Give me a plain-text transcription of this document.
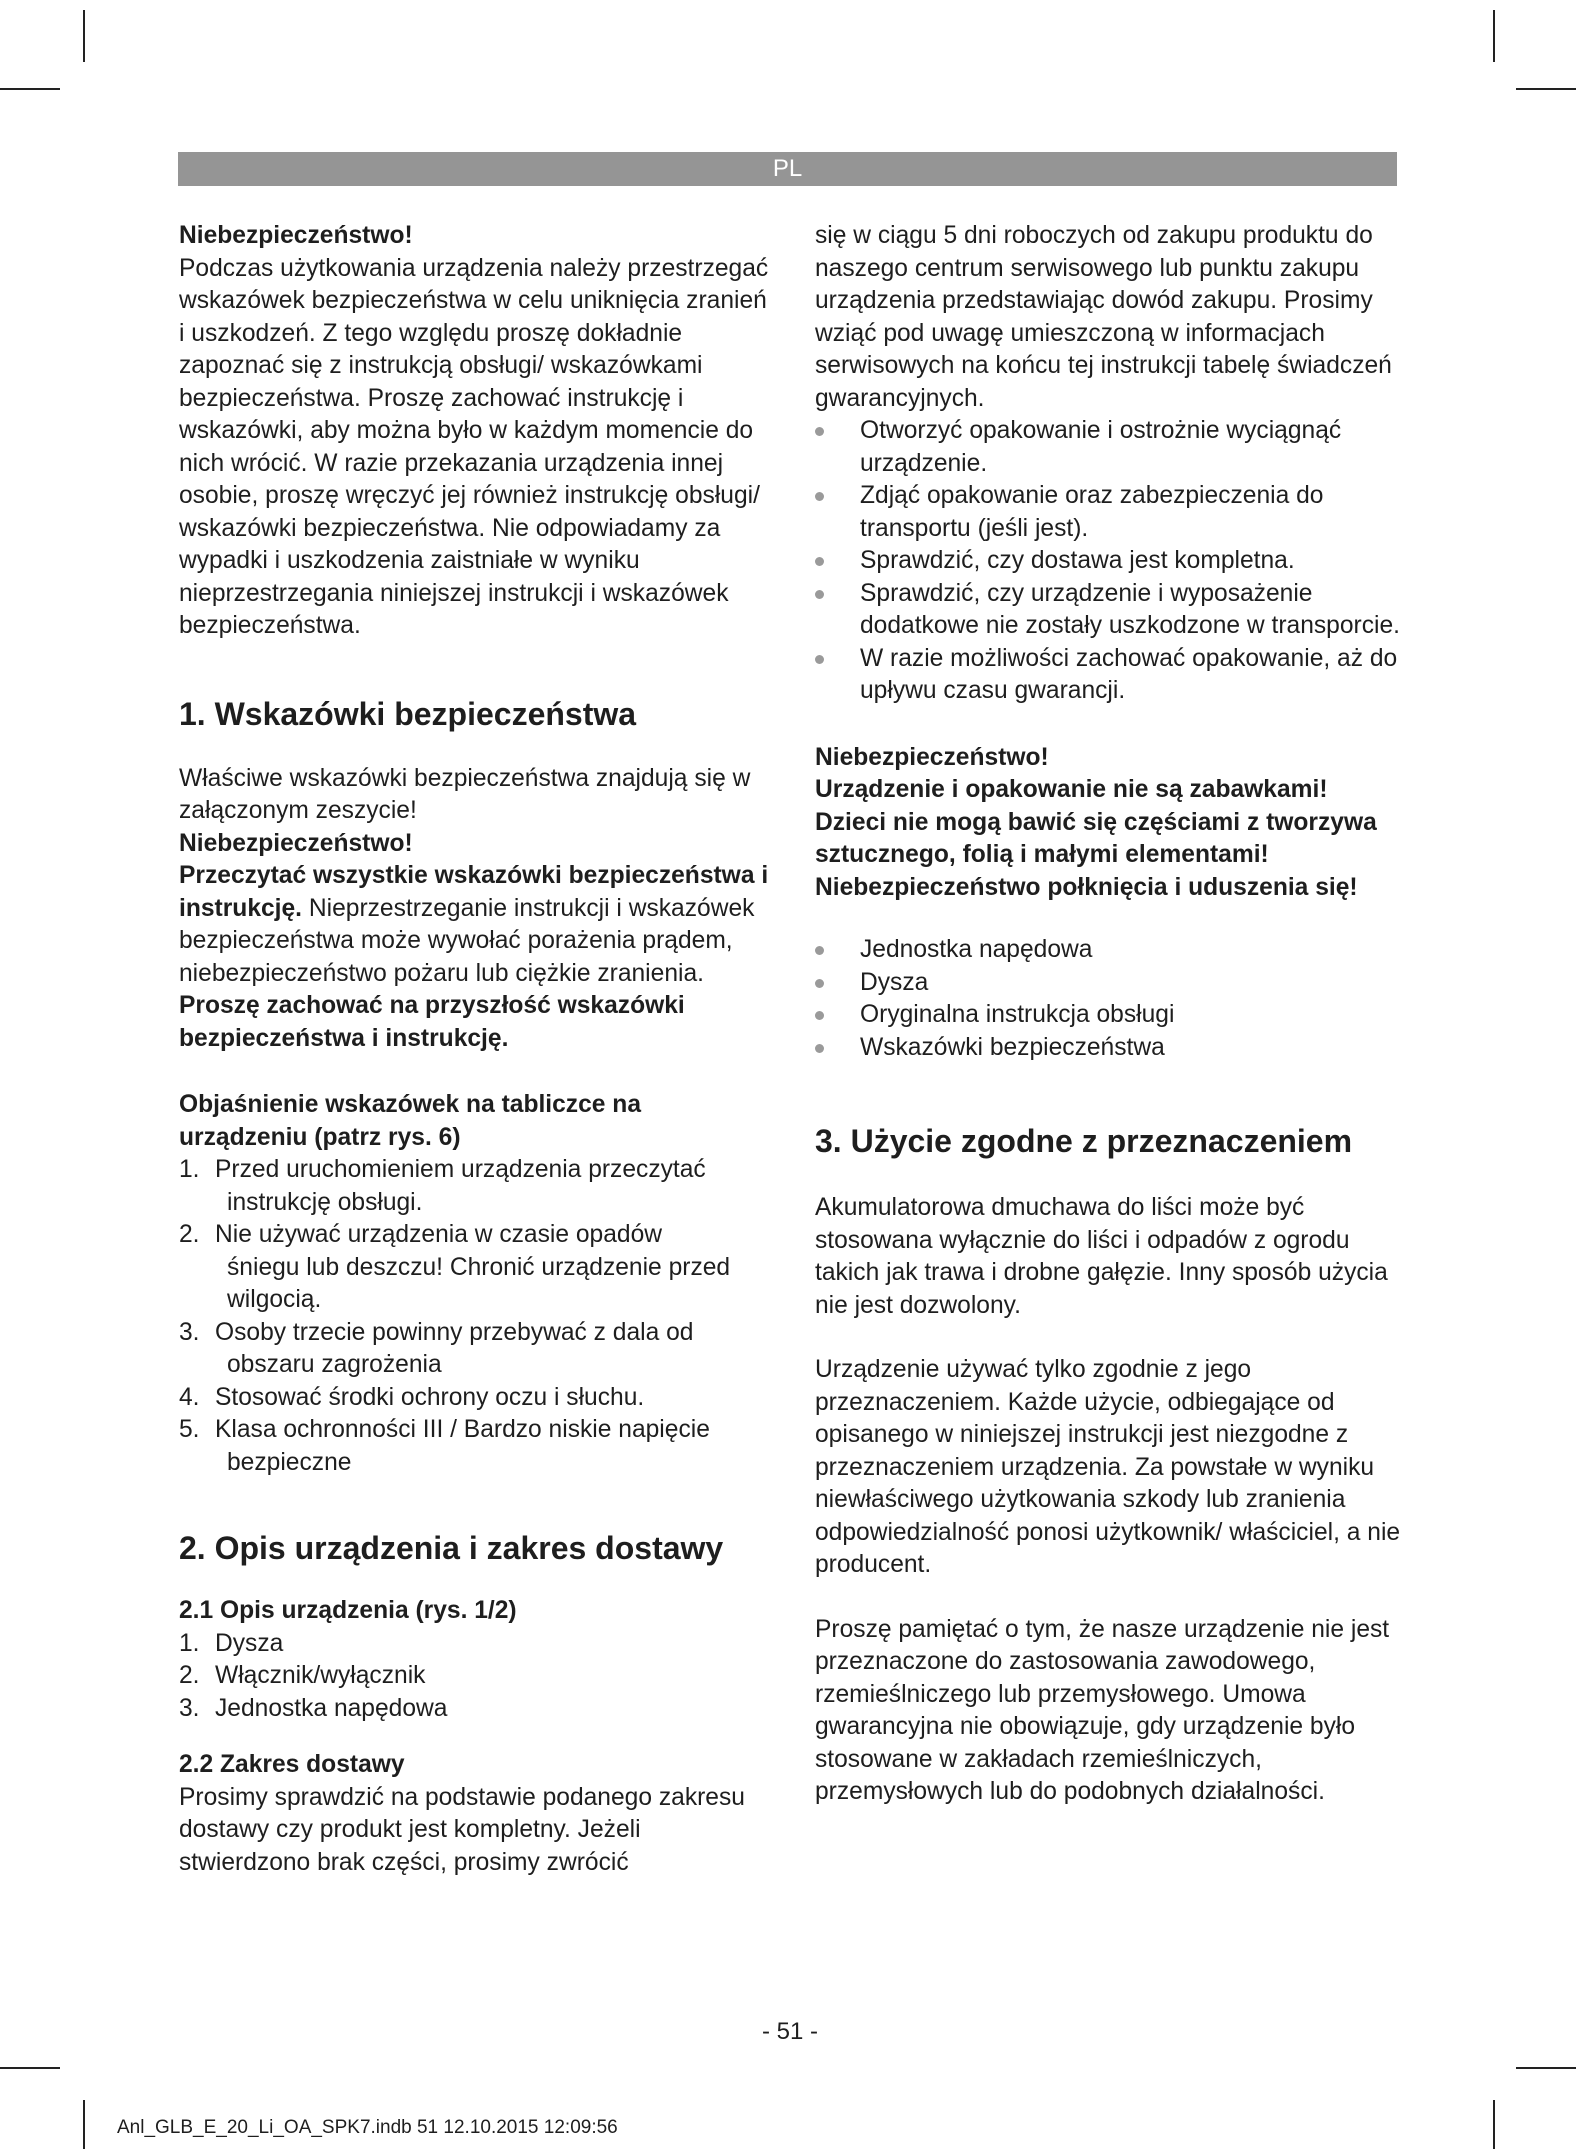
PL

Niebezpieczeństwo!

Podczas użytkowania urządzenia należy przestrzegać wskazówek bezpieczeństwa w celu uniknięcia zranień i uszkodzeń. Z tego względu proszę dokładnie zapoznać się z instrukcją obsługi/ wskazówkami bezpieczeństwa. Proszę zachować instrukcję i wskazówki, aby można było w każdym momencie do nich wrócić. W razie przekazania urządzenia innej osobie, proszę wręczyć jej również instrukcję obsługi/ wskazówki bezpieczeństwa. Nie odpowiadamy za wypadki i uszkodzenia zaistniałe w wyniku nieprzestrzegania niniejszej instrukcji i wskazówek bezpieczeństwa.

1. Wskazówki bezpieczeństwa

Właściwe wskazówki bezpieczeństwa znajdują się w załączonym zeszycie!

Niebezpieczeństwo!

Przeczytać wszystkie wskazówki bezpieczeństwa i instrukcję. Nieprzestrzeganie instrukcji i wskazówek bezpieczeństwa może wywołać porażenia prądem, niebezpieczeństwo pożaru lub ciężkie zranienia. Proszę zachować na przyszłość wskazówki bezpieczeństwa i instrukcję.

Objaśnienie wskazówek na tabliczce na urządzeniu (patrz rys. 6)

1. Przed uruchomieniem urządzenia przeczytać
instrukcję obsługi.
2. Nie używać urządzenia w czasie opadów
śniegu lub deszczu! Chronić urządzenie przed wilgocią.
3. Osoby trzecie powinny przebywać z dala od
obszaru zagrożenia
4. Stosować środki ochrony oczu i słuchu.
5. Klasa ochronności III / Bardzo niskie napięcie
bezpieczne
2. Opis urządzenia i zakres dostawy

2.1 Opis urządzenia (rys. 1/2)

1. Dysza
2. Włącznik/wyłącznik
3. Jednostka napędowa

2.2 Zakres dostawy

Prosimy sprawdzić na podstawie podanego zakresu dostawy czy produkt jest kompletny. Jeżeli stwierdzono brak części, prosimy zwrócić

się w ciągu 5 dni roboczych od zakupu produktu do naszego centrum serwisowego lub punktu zakupu urządzenia przedstawiając dowód zakupu. Prosimy wziąć pod uwagę umieszczoną w informacjach serwisowych na końcu tej instrukcji tabelę świadczeń gwarancyjnych.

Otworzyć opakowanie i ostrożnie wyciągnąć urządzenie.
Zdjąć opakowanie oraz zabezpieczenia do transportu (jeśli jest).
Sprawdzić, czy dostawa jest kompletna.
Sprawdzić, czy urządzenie i wyposażenie dodatkowe nie zostały uszkodzone w transporcie.
W razie możliwości zachować opakowanie, aż do upływu czasu gwarancji.

Niebezpieczeństwo!

Urządzenie i opakowanie nie są zabawkami! Dzieci nie mogą bawić się częściami z tworzywa sztucznego, folią i małymi elementami! Niebezpieczeństwo połknięcia i uduszenia się!

Jednostka napędowa
Dysza
Oryginalna instrukcja obsługi
Wskazówki bezpieczeństwa
3. Użycie zgodne z przeznaczeniem

Akumulatorowa dmuchawa do liści może być stosowana wyłącznie do liści i odpadów z ogrodu takich jak trawa i drobne gałęzie. Inny sposób użycia nie jest dozwolony.

Urządzenie używać tylko zgodnie z jego przeznaczeniem. Każde użycie, odbiegające od opisanego w niniejszej instrukcji jest niezgodne z przeznaczeniem urządzenia. Za powstałe w wyniku niewłaściwego użytkowania szkody lub zranienia odpowiedzialność ponosi użytkownik/ właściciel, a nie producent.

Proszę pamiętać o tym, że nasze urządzenie nie jest przeznaczone do zastosowania zawodowego, rzemieślniczego lub przemysłowego. Umowa gwarancyjna nie obowiązuje, gdy urządzenie było stosowane w zakładach rzemieślniczych, przemysłowych lub do podobnych działalności.

- 51 -
Anl_GLB_E_20_Li_OA_SPK7.indb 51 12.10.2015 12:09:56
